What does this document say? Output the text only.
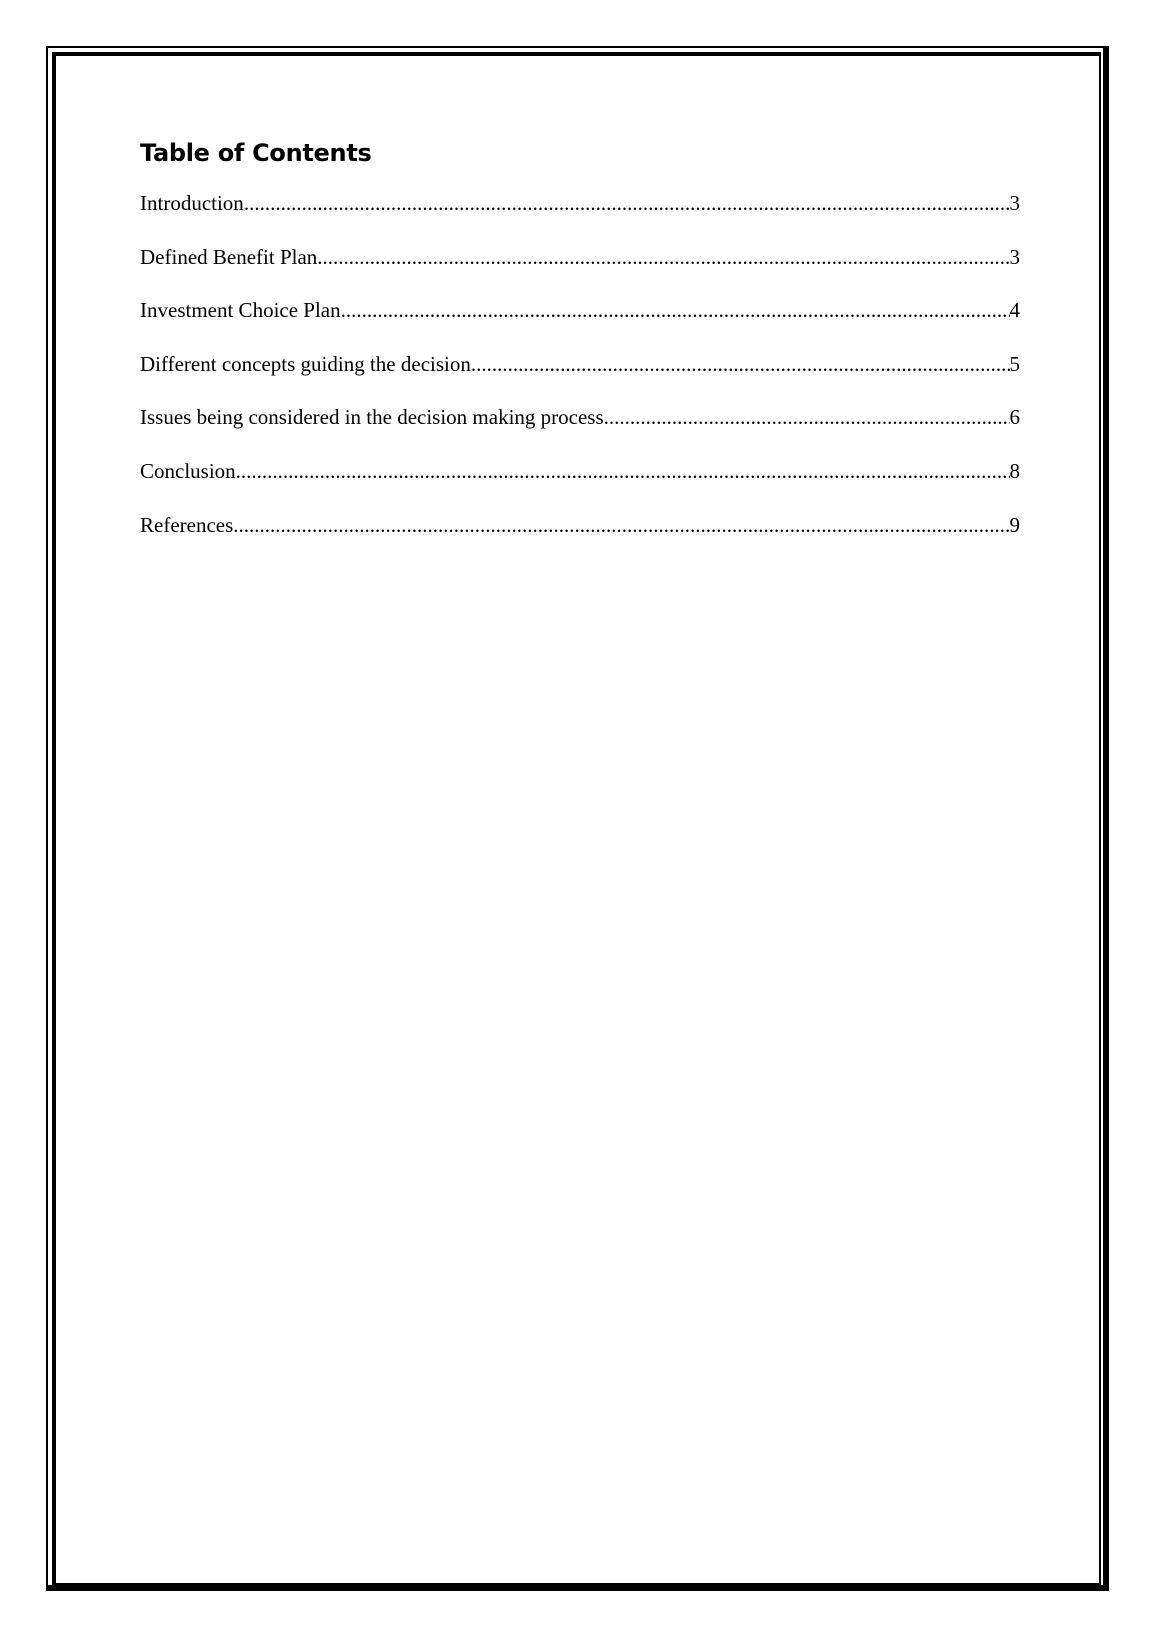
Table of Contents
Introduction .....	3
Defined Benefit Plan .....	3
Investment Choice Plan .....	4
Different concepts guiding the decision .....	5
Issues being considered in the decision making process .....	6
Conclusion .....	8
References .....	9
